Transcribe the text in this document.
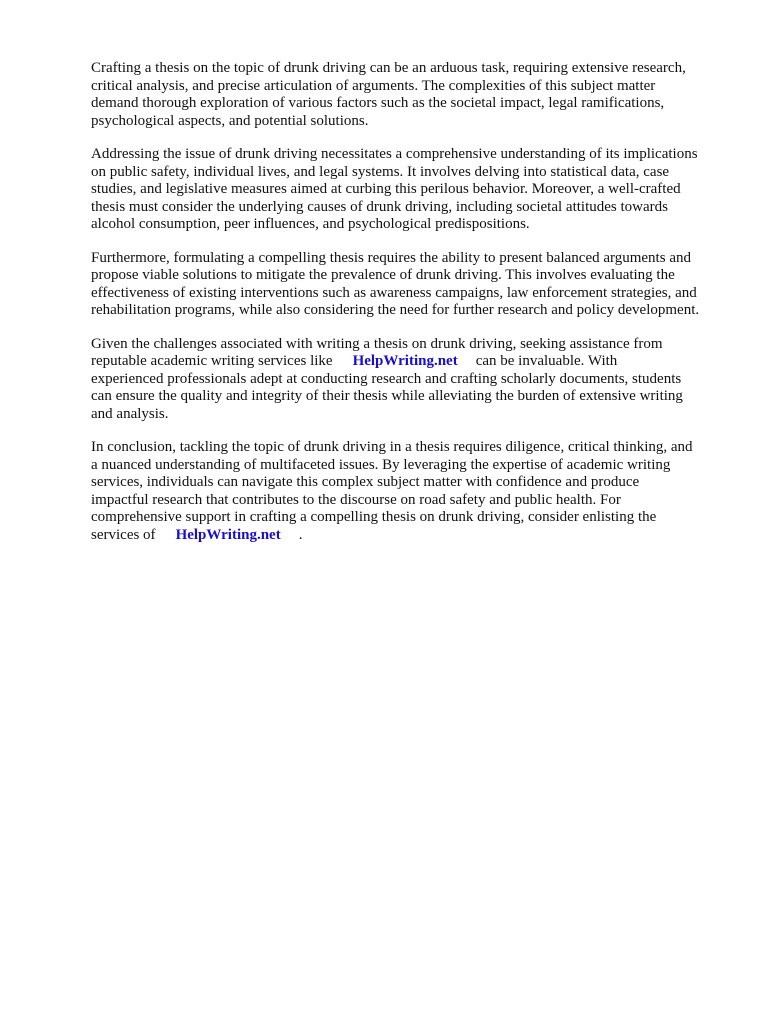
Crafting a thesis on the topic of drunk driving can be an arduous task, requiring extensive research,
critical analysis, and precise articulation of arguments. The complexities of this subject matter
demand thorough exploration of various factors such as the societal impact, legal ramifications,
psychological aspects, and potential solutions.

Addressing the issue of drunk driving necessitates a comprehensive understanding of its implications
on public safety, individual lives, and legal systems. It involves delving into statistical data, case
studies, and legislative measures aimed at curbing this perilous behavior. Moreover, a well-crafted
thesis must consider the underlying causes of drunk driving, including societal attitudes towards
alcohol consumption, peer influences, and psychological predispositions.

Furthermore, formulating a compelling thesis requires the ability to present balanced arguments and
propose viable solutions to mitigate the prevalence of drunk driving. This involves evaluating the
effectiveness of existing interventions such as awareness campaigns, law enforcement strategies, and
rehabilitation programs, while also considering the need for further research and policy development.

Given the challenges associated with writing a thesis on drunk driving, seeking assistance from
reputable academic writing services like HelpWriting.net can be invaluable. With
experienced professionals adept at conducting research and crafting scholarly documents, students
can ensure the quality and integrity of their thesis while alleviating the burden of extensive writing
and analysis.

In conclusion, tackling the topic of drunk driving in a thesis requires diligence, critical thinking, and
a nuanced understanding of multifaceted issues. By leveraging the expertise of academic writing
services, individuals can navigate this complex subject matter with confidence and produce
impactful research that contributes to the discourse on road safety and public health. For
comprehensive support in crafting a compelling thesis on drunk driving, consider enlisting the
services of HelpWriting.net .
